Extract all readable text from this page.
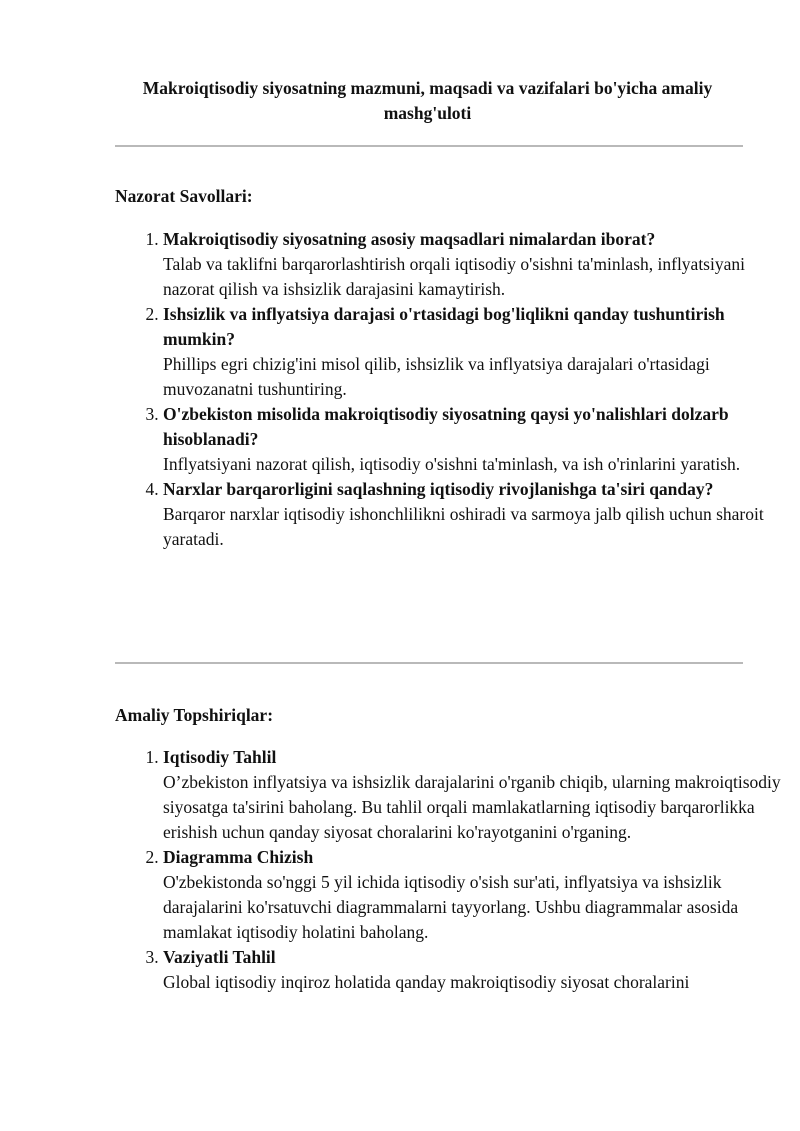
Makroiqtisodiy siyosatning mazmuni, maqsadi va vazifalari bo'yicha amaliy mashg'uloti
Nazorat Savollari:
1. Makroiqtisodiy siyosatning asosiy maqsadlari nimalardan iborat?
Talab va taklifni barqarorlashtirish orqali iqtisodiy o'sishni ta'minlash, inflyatsiyani nazorat qilish va ishsizlik darajasini kamaytirish.
2. Ishsizlik va inflyatsiya darajasi o'rtasidagi bog'liqlikni qanday tushuntirish mumkin?
Phillips egri chizig'ini misol qilib, ishsizlik va inflyatsiya darajalari o'rtasidagi muvozanatni tushuntiring.
3. O'zbekiston misolida makroiqtisodiy siyosatning qaysi yo'nalishlari dolzarb hisoblanadi?
Inflyatsiyani nazorat qilish, iqtisodiy o'sishni ta'minlash, va ish o'rinlarini yaratish.
4. Narxlar barqarorligini saqlashning iqtisodiy rivojlanishga ta'siri qanday?
Barqaror narxlar iqtisodiy ishonchlilikni oshiradi va sarmoya jalb qilish uchun sharoit yaratadi.
Amaliy Topshiriqlar:
1. Iqtisodiy Tahlil
O’zbekiston inflyatsiya va ishsizlik darajalarini o'rganib chiqib, ularning makroiqtisodiy siyosatga ta'sirini baholang. Bu tahlil orqali mamlakatlarning iqtisodiy barqarorlikka erishish uchun qanday siyosat choralarini ko'rayotganini o'rganing.
2. Diagramma Chizish
O'zbekistonda so'nggi 5 yil ichida iqtisodiy o'sish sur'ati, inflyatsiya va ishsizlik darajalarini ko'rsatuvchi diagrammalarni tayyorlang. Ushbu diagrammalar asosida mamlakat iqtisodiy holatini baholang.
3. Vaziyatli Tahlil
Global iqtisodiy inqiroz holatida qanday makroiqtisodiy siyosat choralarini
